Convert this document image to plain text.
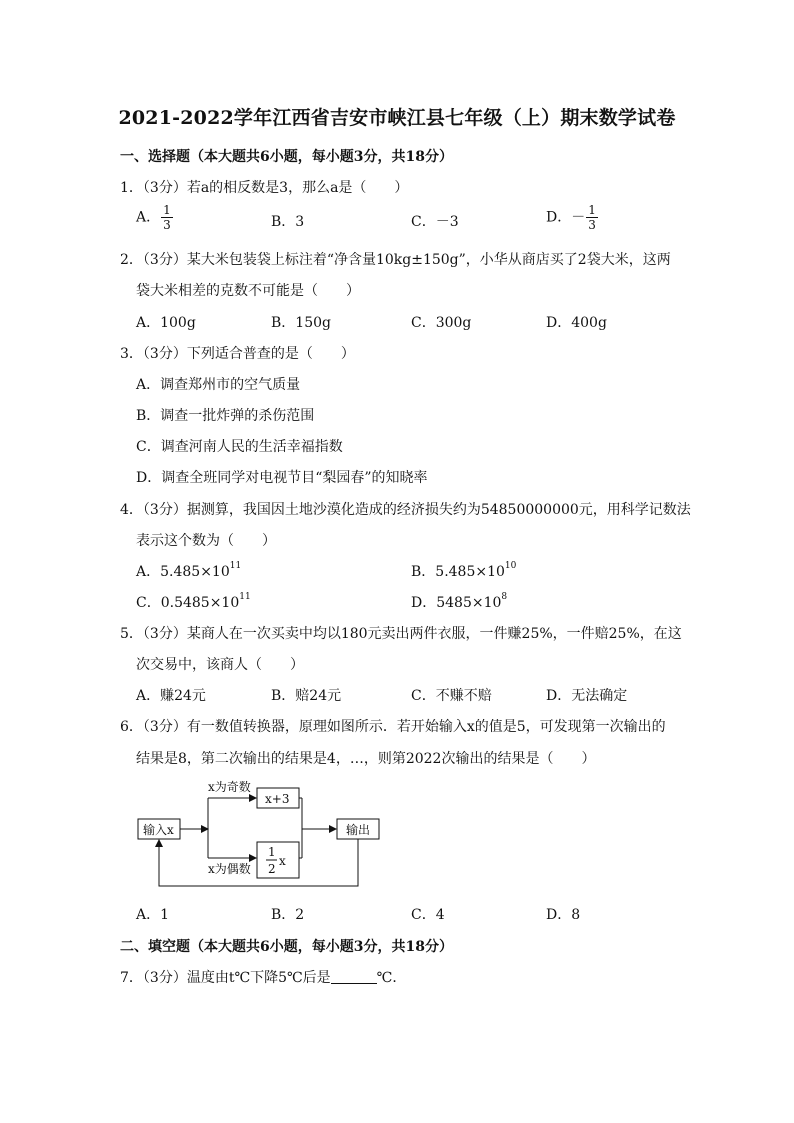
2021-2022学年江西省吉安市峡江县七年级（上）期末数学试卷
一、选择题（本大题共6小题，每小题3分，共18分）
1．（3分）若a的相反数是3，那么a是（　　）
A． $\frac{1}{3}$	B．3	C．－3	D．－ $\frac{1}{3}$
2．（3分）某大米包装袋上标注着“净含量10kg±150g”，小华从商店买了2袋大米，这两
袋大米相差的克数不可能是（　　）
A．100g	B．150g	C．300g	D．400g
3．（3分）下列适合普查的是（　　）
A．调查郑州市的空气质量
B．调查一批炸弹的杀伤范围
C．调查河南人民的生活幸福指数
D．调查全班同学对电视节目“梨园春”的知晓率
4．（3分）据测算，我国因土地沙漠化造成的经济损失约为54850000000元，用科学记数法
表示这个数为（　　）
A．$5.485\times 10^{11}$	B．$5.485\times 10^{10}$
C．$0.5485\times 10^{11}$	D．$5485\times 10^8$
5．（3分）某商人在一次买卖中均以180元卖出两件衣服，一件赚25%，一件赔25%，在这
次交易中，该商人（　　）
A．赚24元	B．赔24元	C．不赚不赔	D．无法确定
6．（3分）有一数值转换器，原理如图所示．若开始输入x的值是5，可发现第一次输出的
结果是8，第二次输出的结果是4，…，则第2022次输出的结果是（　　）
输入x
x为奇数
x+3
x为偶数
1
2
x
输出
A．1	B．2	C．4	D．8
二、填空题（本大题共6小题，每小题3分，共18分）
7．（3分）温度由t℃下降5℃后是	℃．
